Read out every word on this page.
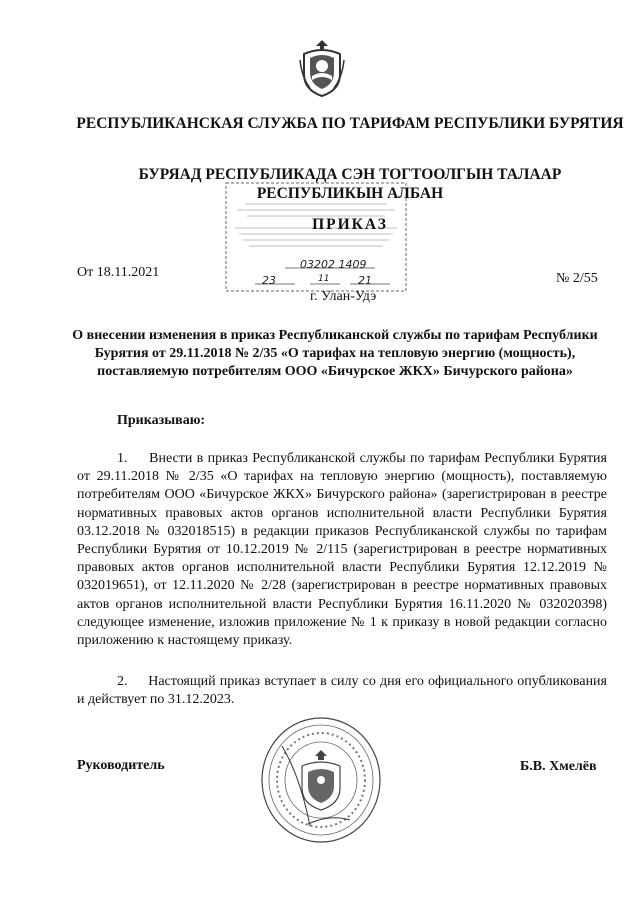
РЕСПУБЛИКАНСКАЯ СЛУЖБА ПО ТАРИФАМ РЕСПУБЛИКИ БУРЯТИЯ
БУРЯАД РЕСПУБЛИКАДА СЭН ТОГТООЛГЫН ТАЛААР РЕСПУБЛИКЫН АЛБАН
ПРИКАЗ
03202 1409
23	11	21
От 18.11.2021	№ 2/55
г. Улан-Удэ
О внесении изменения в приказ Республиканской службы по тарифам Республики Бурятия от 29.11.2018 № 2/35 «О тарифах на тепловую энергию (мощность), поставляемую потребителям ООО «Бичурское ЖКХ» Бичурского района»
Приказываю:

1.     Внести в приказ Республиканской службы по тарифам Республики Бурятия от 29.11.2018 № 2/35 «О тарифах на тепловую энергию (мощность), поставляемую потребителям ООО «Бичурское ЖКХ» Бичурского района» (зарегистрирован в реестре нормативных правовых актов органов исполнительной власти Республики Бурятия 03.12.2018 № 032018515) в редакции приказов Республиканской службы по тарифам Республики Бурятия от 10.12.2019 № 2/115 (зарегистрирован в реестре нормативных правовых актов органов исполнительной власти Республики Бурятия 12.12.2019 № 032019651), от 12.11.2020 № 2/28 (зарегистрирован в реестре нормативных правовых актов органов исполнительной власти Республики Бурятия 16.11.2020 № 032020398) следующее изменение, изложив приложение № 1 к приказу в новой редакции согласно приложению к настоящему приказу.

2.     Настоящий приказ вступает в силу со дня его официального опубликования и действует по 31.12.2023.

Руководитель	Б.В. Хмелёв
